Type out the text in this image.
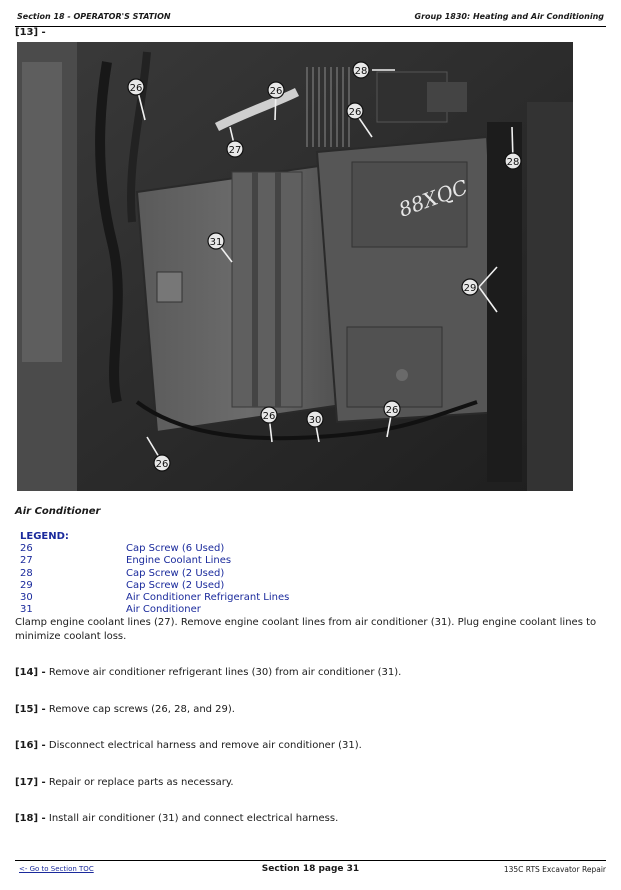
Section 18 - OPERATOR'S STATION	Group 1830: Heating and Air Conditioning
[13] -
88XQC
26	26
26
26
26
26
27
28
28
29
30
31
Air Conditioner
LEGEND:
26	Cap Screw (6 Used)
27	Engine Coolant Lines
28	Cap Screw (2 Used)
29	Cap Screw (2 Used)
30	Air Conditioner Refrigerant Lines
31	Air Conditioner
Clamp engine coolant lines (27). Remove engine coolant lines from air conditioner (31). Plug engine coolant lines to minimize coolant loss.
[14] - Remove air conditioner refrigerant lines (30) from air conditioner (31).
[15] - Remove cap screws (26, 28, and 29).
[16] - Disconnect electrical harness and remove air conditioner (31).
[17] - Repair or replace parts as necessary.
[18] - Install air conditioner (31) and connect electrical harness.
<- Go to Section TOC	Section 18 page 31	135C RTS Excavator Repair
